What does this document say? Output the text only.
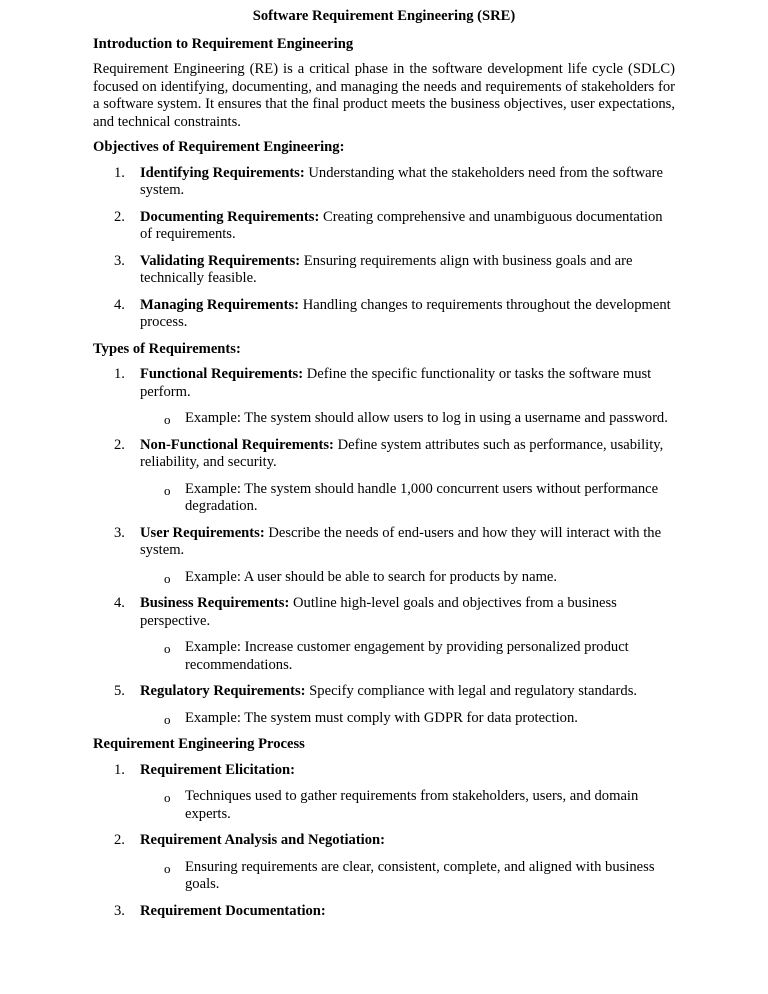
Software Requirement Engineering (SRE)
Introduction to Requirement Engineering
Requirement Engineering (RE) is a critical phase in the software development life cycle (SDLC) focused on identifying, documenting, and managing the needs and requirements of stakeholders for a software system. It ensures that the final product meets the business objectives, user expectations, and technical constraints.
Objectives of Requirement Engineering:
1. Identifying Requirements: Understanding what the stakeholders need from the software system.
2. Documenting Requirements: Creating comprehensive and unambiguous documentation of requirements.
3. Validating Requirements: Ensuring requirements align with business goals and are technically feasible.
4. Managing Requirements: Handling changes to requirements throughout the development process.
Types of Requirements:
1. Functional Requirements: Define the specific functionality or tasks the software must perform.
o Example: The system should allow users to log in using a username and password.
2. Non-Functional Requirements: Define system attributes such as performance, usability, reliability, and security.
o Example: The system should handle 1,000 concurrent users without performance degradation.
3. User Requirements: Describe the needs of end-users and how they will interact with the system.
o Example: A user should be able to search for products by name.
4. Business Requirements: Outline high-level goals and objectives from a business perspective.
o Example: Increase customer engagement by providing personalized product recommendations.
5. Regulatory Requirements: Specify compliance with legal and regulatory standards.
o Example: The system must comply with GDPR for data protection.
Requirement Engineering Process
1. Requirement Elicitation:
o Techniques used to gather requirements from stakeholders, users, and domain experts.
2. Requirement Analysis and Negotiation:
o Ensuring requirements are clear, consistent, complete, and aligned with business goals.
3. Requirement Documentation:
